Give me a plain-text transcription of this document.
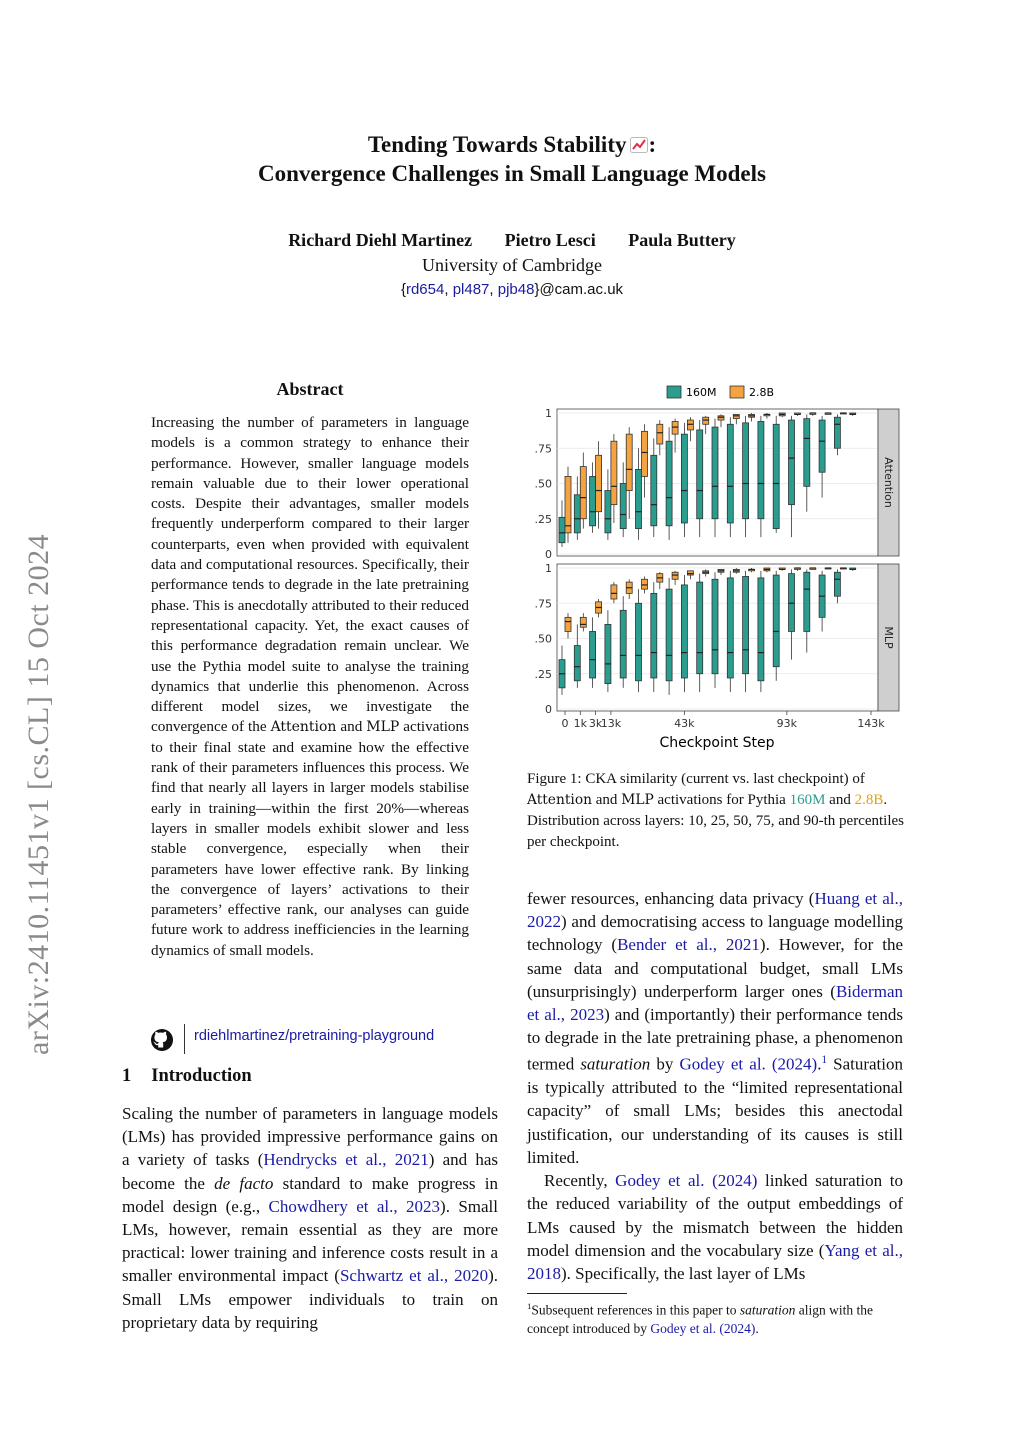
arXiv:2410.11451v1 [cs.CL] 15 Oct 2024
Tending Towards Stability :
Convergence Challenges in Small Language Models
Richard Diehl Martinez Pietro Lesci Paula Buttery
University of Cambridge
{rd654, pl487, pjb48}@cam.ac.uk
Abstract
Increasing the number of parameters in language models is a common strategy to enhance their performance. However, smaller language models remain valuable due to their lower operational costs. Despite their advantages, smaller models frequently underperform compared to their larger counterparts, even when provided with equivalent data and computational resources. Specifically, their performance tends to degrade in the late pretraining phase. This is anecdotally attributed to their reduced representational capacity. Yet, the exact causes of this performance degradation remain unclear. We use the Pythia model suite to analyse the training dynamics that underlie this phenomenon. Across different model sizes, we investigate the convergence of the Attention and MLP activations to their final state and examine how the effective rank of their parameters influences this process. We find that nearly all layers in larger models stabilise early in training—within the first 20%—whereas layers in smaller models exhibit slower and less stable convergence, especially when their parameters have lower effective rank. By linking the convergence of layers’ activations to their parameters’ effective rank, our analyses can guide future work to address inefficiencies in the learning dynamics of small models.
rdiehlmartinez/pretraining-playground
1 Introduction
Scaling the number of parameters in language models (LMs) has provided impressive performance gains on a variety of tasks (Hendrycks et al., 2021) and has become the de facto standard to make progress in model design (e.g., Chowdhery et al., 2023). Small LMs, however, remain essential as they are more practical: lower training and inference costs result in a smaller environmental impact (Schwartz et al., 2020). Small LMs empower individuals to train on proprietary data by requiring
160M	2.8B
0
.25
.50
.75
1
Attention
0
.25
.50
.75
1
MLP
0 1k 3k
13k	43k	93k	143k
Checkpoint Step
Figure 1: CKA similarity (current vs. last checkpoint) of Attention and MLP activations for Pythia 160M and 2.8B. Distribution across layers: 10, 25, 50, 75, and 90-th percentiles per checkpoint.

fewer resources, enhancing data privacy (Huang et al., 2022) and democratising access to language modelling technology (Bender et al., 2021). However, for the same data and computational budget, small LMs (unsurprisingly) underperform larger ones (Biderman et al., 2023) and (importantly) their performance tends to degrade in the late pretraining phase, a phenomenon termed saturation by Godey et al. (2024).$^1$ Saturation is typically attributed to the “limited representational capacity” of small LMs; besides this anectodal justification, our understanding of its causes is still limited.

Recently, Godey et al. (2024) linked saturation to the reduced variability of the output embeddings of LMs caused by the mismatch between the hidden model dimension and the vocabulary size (Yang et al., 2018). Specifically, the last layer of LMs

$^1$Subsequent references in this paper to saturation align with the concept introduced by Godey et al. (2024).
